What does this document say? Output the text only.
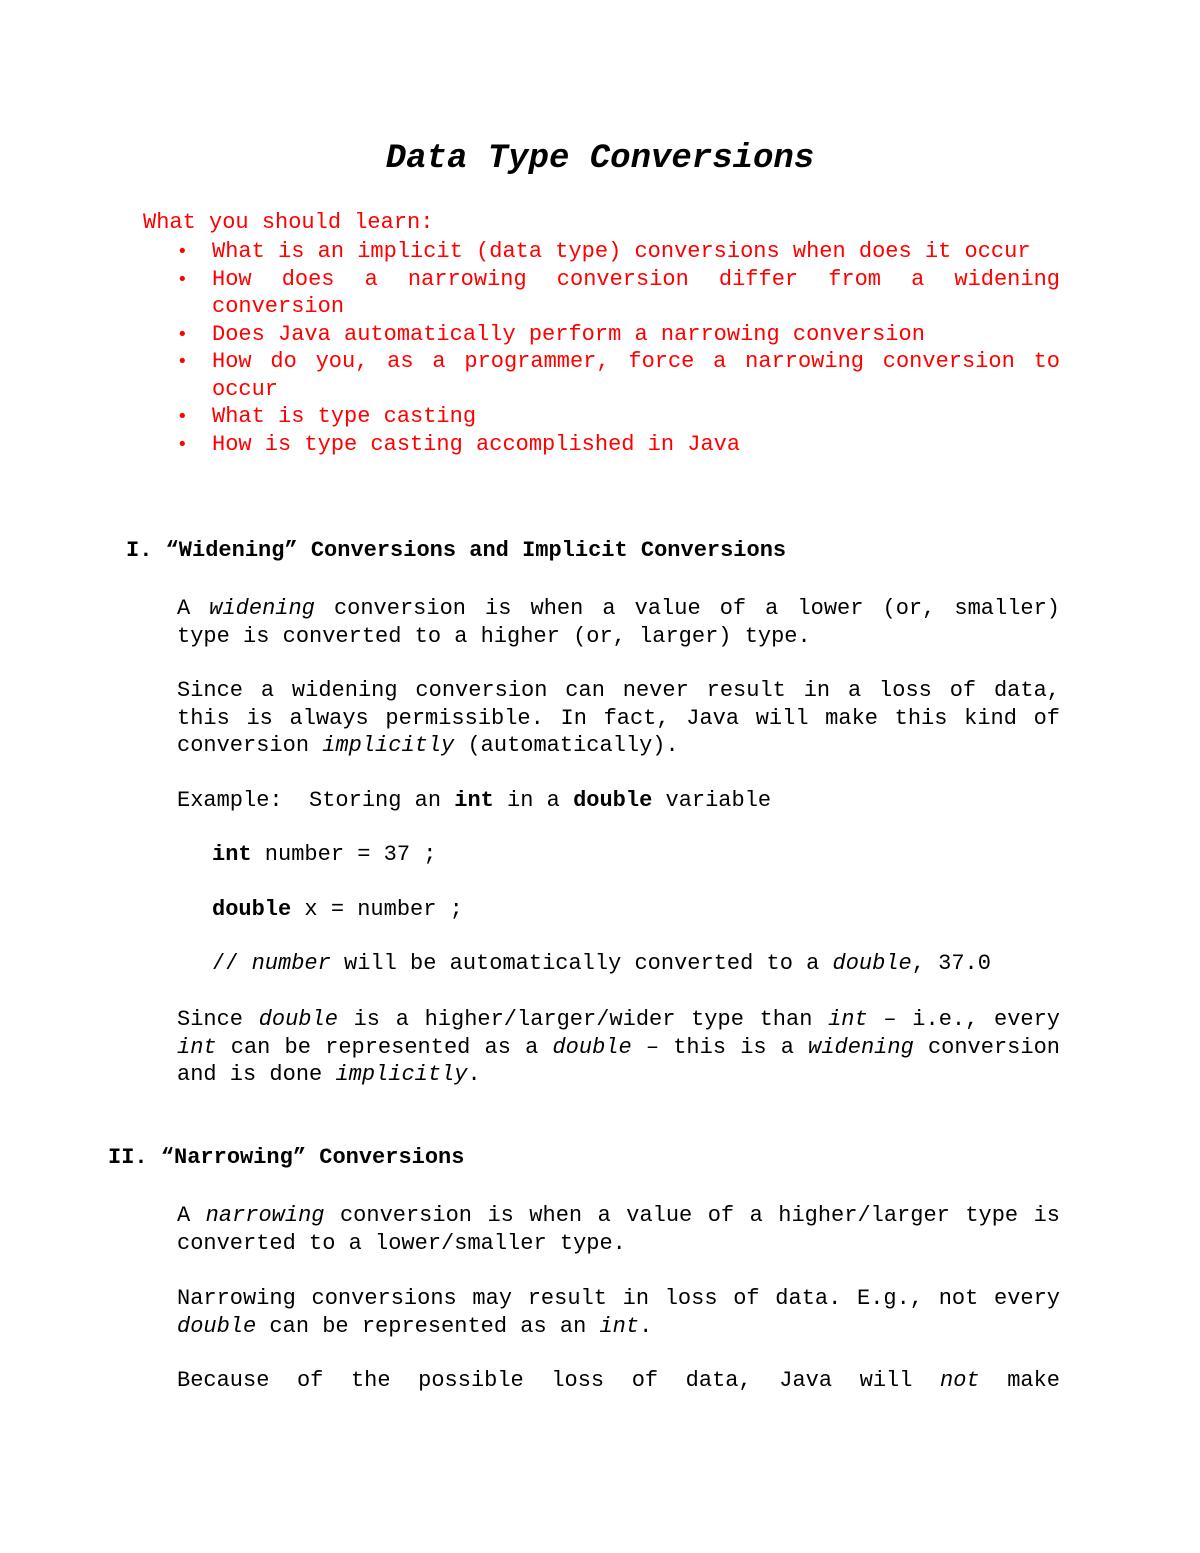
Data Type Conversions

What you should learn:

• What is an implicit (data type) conversions when does it occur
• How does a narrowing conversion differ from a widening conversion
• Does Java automatically perform a narrowing conversion
• How do you, as a programmer, force a narrowing conversion to occur
• What is type casting
• How is type casting accomplished in Java

I. “Widening” Conversions and Implicit Conversions

A widening conversion is when a value of a lower (or, smaller) type is converted to a higher (or, larger) type.
Since a widening conversion can never result in a loss of data, this is always permissible. In fact, Java will make this kind of conversion implicitly (automatically).
Example:  Storing an int in a double variable

int number = 37 ;

double x = number ;

// number will be automatically converted to a double, 37.0

Since double is a higher/larger/wider type than int – i.e., every int can be represented as a double – this is a widening conversion and is done implicitly.

II. “Narrowing” Conversions

A narrowing conversion is when a value of a higher/larger type is converted to a lower/smaller type.
Narrowing conversions may result in loss of data. E.g., not every double can be represented as an int.
Because of the possible loss of data, Java will not make
